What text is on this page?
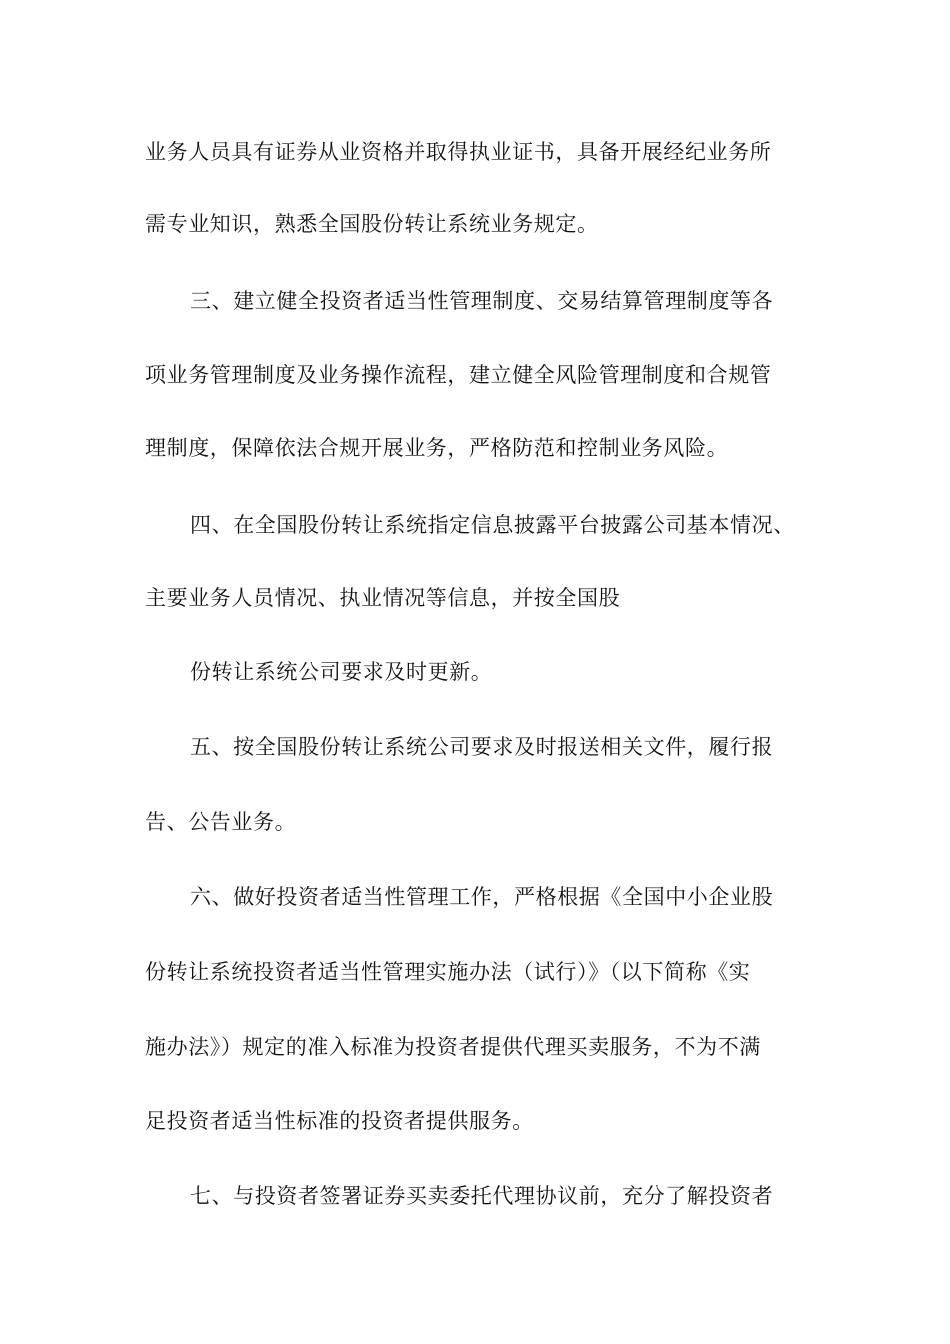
业务人员具有证券从业资格并取得执业证书，具备开展经纪业务所
需专业知识，熟悉全国股份转让系统业务规定。
三、建立健全投资者适当性管理制度、交易结算管理制度等各
项业务管理制度及业务操作流程，建立健全风险管理制度和合规管
理制度，保障依法合规开展业务，严格防范和控制业务风险。
四、在全国股份转让系统指定信息披露平台披露公司基本情况、
主要业务人员情况、执业情况等信息，并按全国股
份转让系统公司要求及时更新。
五、按全国股份转让系统公司要求及时报送相关文件，履行报
告、公告业务。
六、做好投资者适当性管理工作，严格根据《全国中小企业股
份转让系统投资者适当性管理实施办法（试行）》（以下简称《实
施办法》）规定的准入标准为投资者提供代理买卖服务，不为不满
足投资者适当性标准的投资者提供服务。
七、与投资者签署证券买卖委托代理协议前，充分了解投资者
